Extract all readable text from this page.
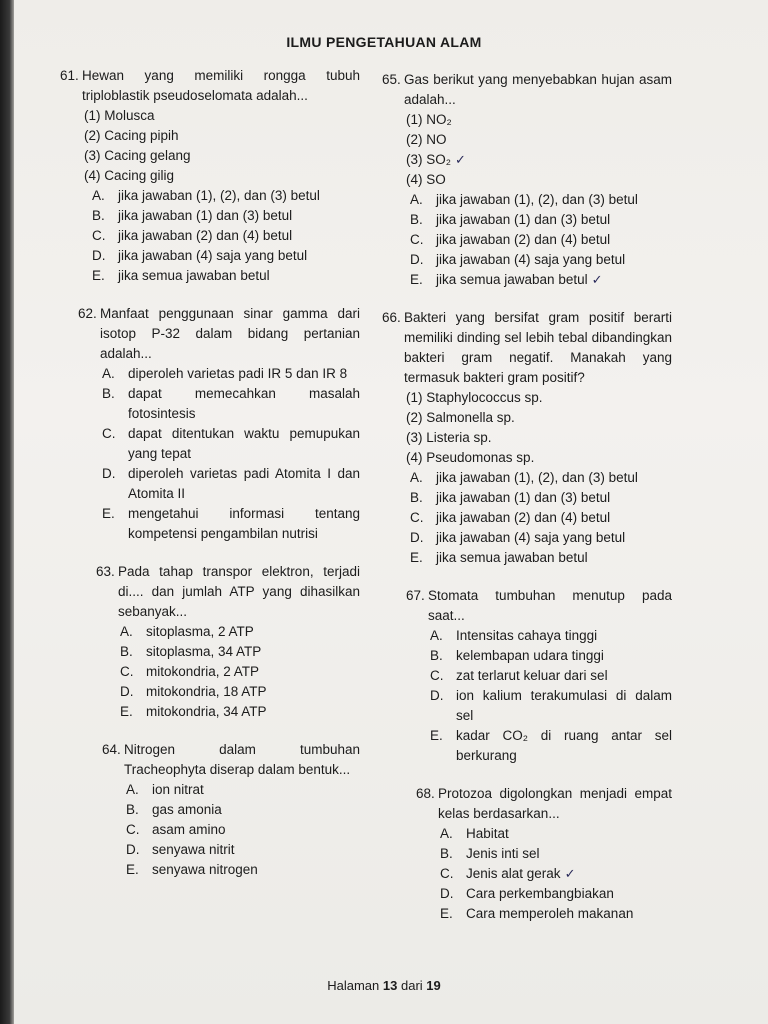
ILMU PENGETAHUAN ALAM
61. Hewan yang memiliki rongga tubuh triploblastik pseudoselomata adalah...
(1) Molusca
(2) Cacing pipih
(3) Cacing gelang
(4) Cacing gilig
A. jika jawaban (1), (2), dan (3) betul
B. jika jawaban (1) dan (3) betul
C. jika jawaban (2) dan (4) betul
D. jika jawaban (4) saja yang betul
E. jika semua jawaban betul
62. Manfaat penggunaan sinar gamma dari isotop P-32 dalam bidang pertanian adalah...
A. diperoleh varietas padi IR 5 dan IR 8
B. dapat memecahkan masalah fotosintesis
C. dapat ditentukan waktu pemupukan yang tepat
D. diperoleh varietas padi Atomita I dan Atomita II
E. mengetahui informasi tentang kompetensi pengambilan nutrisi
63. Pada tahap transpor elektron, terjadi di.... dan jumlah ATP yang dihasilkan sebanyak...
A. sitoplasma, 2 ATP
B. sitoplasma, 34 ATP
C. mitokondria, 2 ATP
D. mitokondria, 18 ATP
E. mitokondria, 34 ATP
64. Nitrogen dalam tumbuhan Tracheophyta diserap dalam bentuk...
A. ion nitrat
B. gas amonia
C. asam amino
D. senyawa nitrit
E. senyawa nitrogen
65. Gas berikut yang menyebabkan hujan asam adalah...
(1) NO₂
(2) NO
(3) SO₂ ✓
(4) SO
A. jika jawaban (1), (2), dan (3) betul
B. jika jawaban (1) dan (3) betul
C. jika jawaban (2) dan (4) betul
D. jika jawaban (4) saja yang betul
E. jika semua jawaban betul ✓
66. Bakteri yang bersifat gram positif berarti memiliki dinding sel lebih tebal dibandingkan bakteri gram negatif. Manakah yang termasuk bakteri gram positif?
(1) Staphylococcus sp.
(2) Salmonella sp.
(3) Listeria sp.
(4) Pseudomonas sp.
A. jika jawaban (1), (2), dan (3) betul
B. jika jawaban (1) dan (3) betul
C. jika jawaban (2) dan (4) betul
D. jika jawaban (4) saja yang betul
E. jika semua jawaban betul
67. Stomata tumbuhan menutup pada saat...
A. Intensitas cahaya tinggi
B. kelembapan udara tinggi
C. zat terlarut keluar dari sel
D. ion kalium terakumulasi di dalam sel
E. kadar CO₂ di ruang antar sel berkurang
68. Protozoa digolongkan menjadi empat kelas berdasarkan...
A. Habitat
B. Jenis inti sel
C. Jenis alat gerak ✓
D. Cara perkembangbiakan
E. Cara memperoleh makanan
Halaman 13 dari 19
